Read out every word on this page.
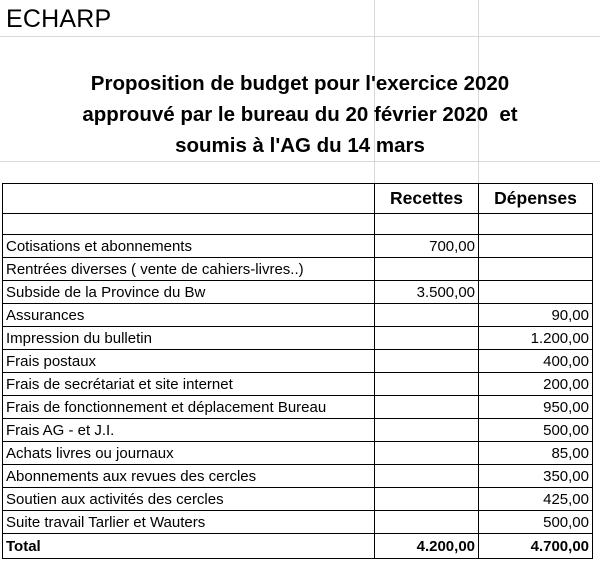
ECHARP
Proposition de budget pour l'exercice 2020
approuvé par le bureau du 20 février 2020  et
soumis à l'AG du 14 mars
	Recettes	Dépenses

Cotisations et abonnements	700,00	
Rentrées diverses ( vente de cahiers-livres..)		
Subside de la Province du Bw	3.500,00	
Assurances		90,00
Impression du bulletin		1.200,00
Frais postaux		400,00
Frais de secrétariat et site internet		200,00
Frais de fonctionnement et déplacement Bureau		950,00
Frais AG - et J.I.		500,00
Achats livres ou journaux		85,00
Abonnements aux revues des cercles		350,00
Soutien aux activités des cercles		425,00
Suite travail Tarlier et Wauters		500,00
Total	4.200,00	4.700,00
